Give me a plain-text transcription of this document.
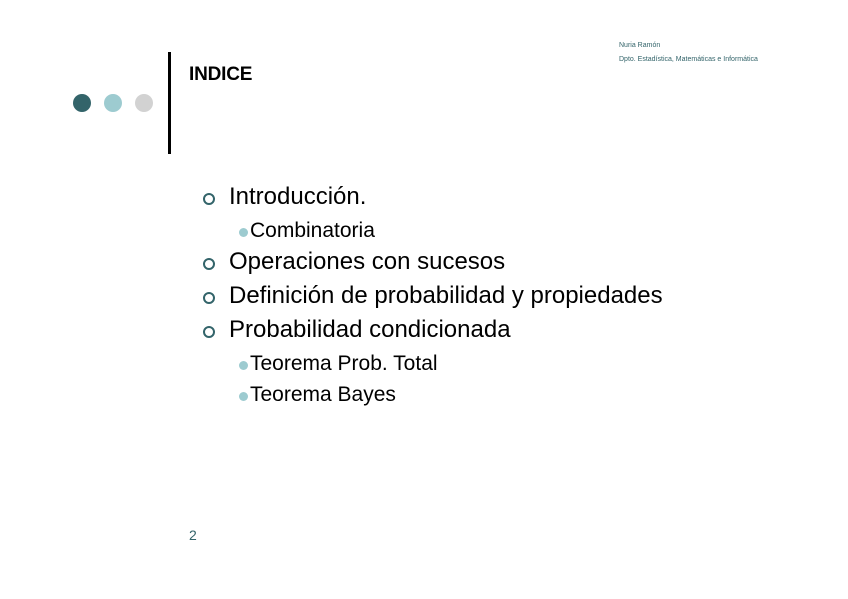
INDICE
Nuria Ramón
Dpto. Estadística, Matemáticas e Informática
Introducción.
Combinatoria
Operaciones con sucesos
Definición de probabilidad y propiedades
Probabilidad condicionada
Teorema Prob. Total
Teorema Bayes
2
